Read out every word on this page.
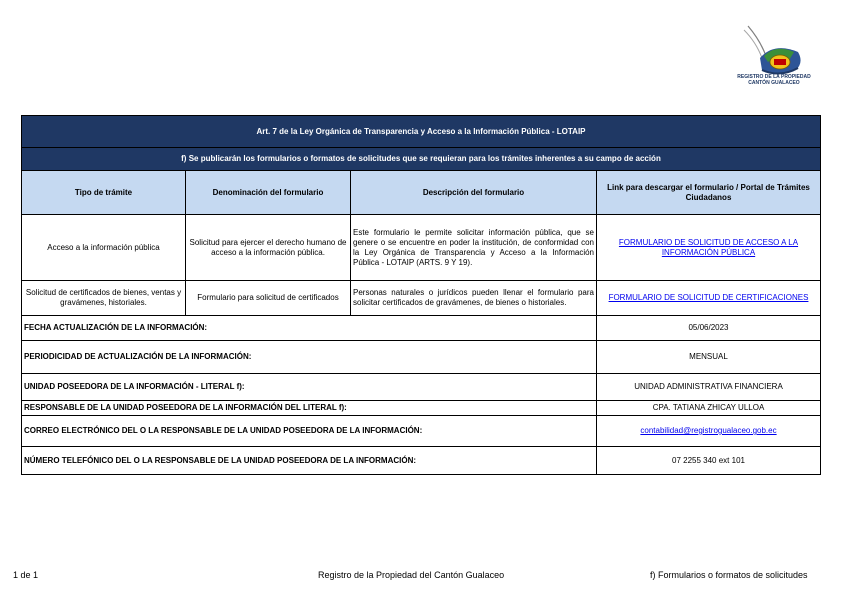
REGISTRO DE LA PROPIEDAD
CANTÓN GUALACEO
Art. 7 de la Ley Orgánica de Transparencia y Acceso a la Información Pública - LOTAIP			
f) Se publicarán los formularios o formatos de solicitudes que se requieran para los trámites inherentes a su campo de acción			
Tipo de trámite	Denominación del formulario	Descripción del formulario	Link para descargar el formulario / Portal de Trámites Ciudadanos
Acceso a la información pública	Solicitud para ejercer el derecho humano de acceso a la información pública.	Este formulario le permite solicitar información pública, que se genere o se encuentre en poder la institución, de conformidad con la Ley Orgánica de Transparencia y Acceso a la Información Pública - LOTAIP (ARTS. 9 Y 19).	FORMULARIO DE SOLICITUD DE ACCESO A LA INFORMACIÓN PÚBLICA
Solicitud de certificados de bienes, ventas y gravámenes, historiales.	Formulario para solicitud de certificados	Personas naturales o jurídicos pueden llenar el formulario para solicitar certificados de gravámenes, de bienes o historiales.	FORMULARIO DE SOLICITUD DE CERTIFICACIONES
FECHA ACTUALIZACIÓN DE LA INFORMACIÓN:			05/06/2023
PERIODICIDAD DE ACTUALIZACIÓN DE LA INFORMACIÓN:			MENSUAL
UNIDAD POSEEDORA DE LA INFORMACIÓN - LITERAL f):			UNIDAD ADMINISTRATIVA FINANCIERA
RESPONSABLE DE LA UNIDAD POSEEDORA DE LA INFORMACIÓN DEL LITERAL f):			CPA. TATIANA ZHICAY ULLOA
CORREO ELECTRÓNICO DEL O LA RESPONSABLE DE LA UNIDAD POSEEDORA DE LA INFORMACIÓN:			contabilidad@registrogualaceo.gob.ec
NÚMERO TELEFÓNICO DEL O LA RESPONSABLE DE LA UNIDAD POSEEDORA DE LA INFORMACIÓN:			07 2255 340 ext 101
1 de 1	Registro de la Propiedad del Cantón Gualaceo	f) Formularios o formatos de solicitudes
